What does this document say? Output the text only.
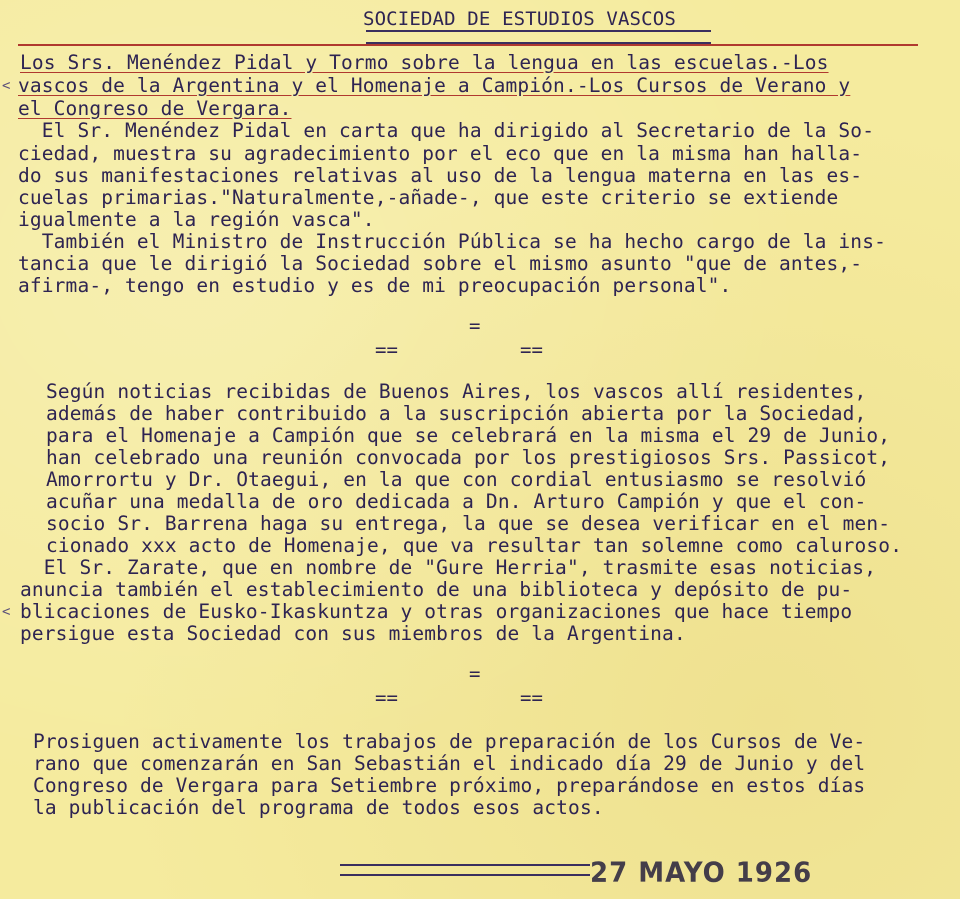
SOCIEDAD DE ESTUDIOS VASCOS
Los Srs. Menéndez Pidal y Tormo sobre la lengua en las escuelas.-Los
vascos de la Argentina y el Homenaje a Campión.-Los Cursos de Verano y
el Congreso de Vergara.
<
El Sr. Menéndez Pidal en carta que ha dirigido al Secretario de la So-
ciedad, muestra su agradecimiento por el eco que en la misma han halla-
do sus manifestaciones relativas al uso de la lengua materna en las es-
cuelas primarias."Naturalmente,-añade-, que este criterio se extiende
igualmente a la región vasca".
También el Ministro de Instrucción Pública se ha hecho cargo de la ins-
tancia que le dirigió la Sociedad sobre el mismo asunto "que de antes,-
afirma-, tengo en estudio y es de mi preocupación personal".
=
==	==
Según noticias recibidas de Buenos Aires, los vascos allí residentes,
además de haber contribuido a la suscripción abierta por la Sociedad,
para el Homenaje a Campión que se celebrará en la misma el 29 de Junio,
han celebrado una reunión convocada por los prestigiosos Srs. Passicot,
Amorrortu y Dr. Otaegui, en la que con cordial entusiasmo se resolvió
acuñar una medalla de oro dedicada a Dn. Arturo Campión y que el con-
socio Sr. Barrena haga su entrega, la que se desea verificar en el men-
cionado xxx acto de Homenaje, que va resultar tan solemne como caluroso.
El Sr. Zarate, que en nombre de "Gure Herria", trasmite esas noticias,
anuncia también el establecimiento de una biblioteca y depósito de pu-
blicaciones de Eusko-Ikaskuntza y otras organizaciones que hace tiempo
persigue esta Sociedad con sus miembros de la Argentina.
<
=
==	==
Prosiguen activamente los trabajos de preparación de los Cursos de Ve-
rano que comenzarán en San Sebastián el indicado día 29 de Junio y del
Congreso de Vergara para Setiembre próximo, preparándose en estos días
la publicación del programa de todos esos actos.
27 MAYO 1926
